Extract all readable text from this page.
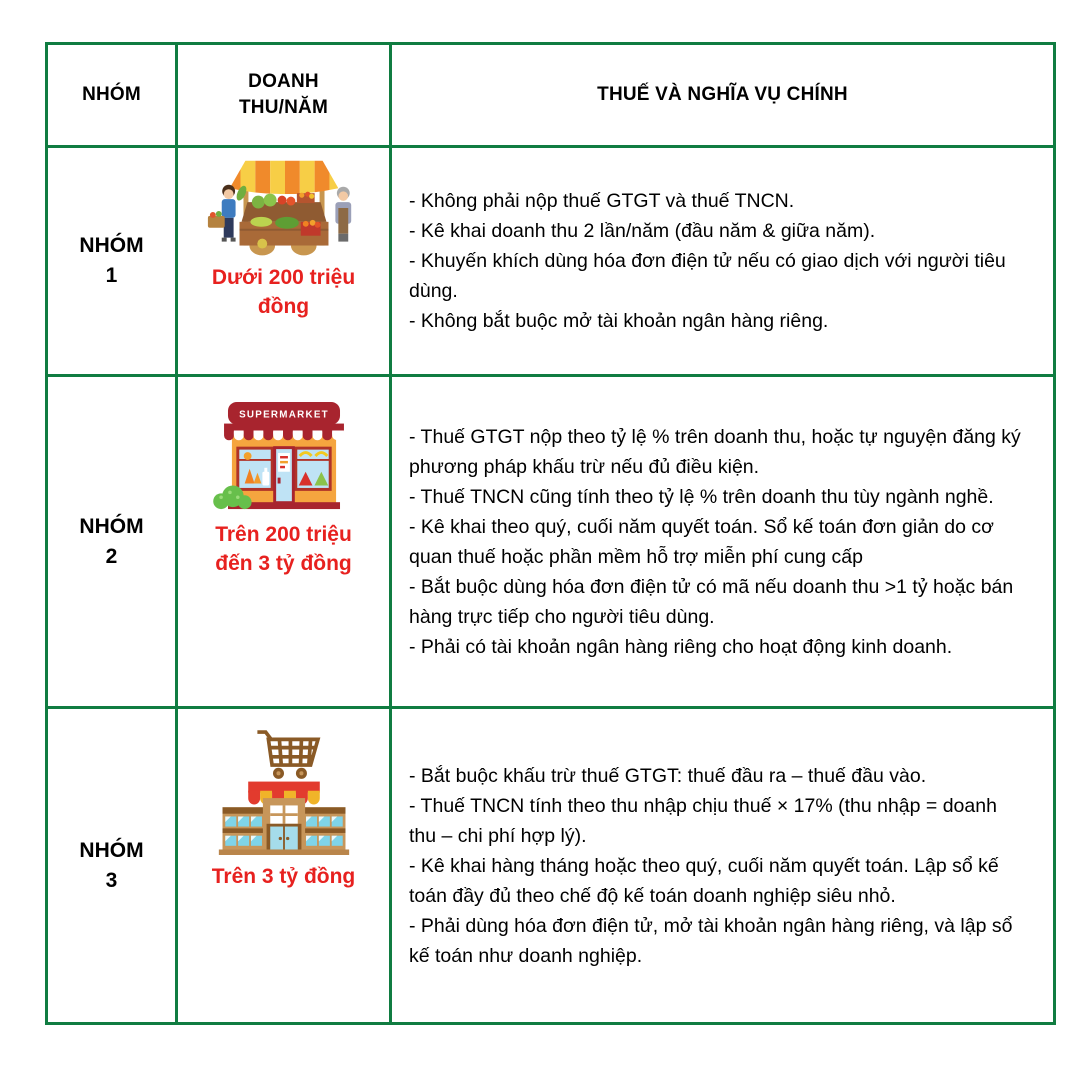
NHÓM
DOANH
THU/NĂM
THUẾ VÀ NGHĨA VỤ CHÍNH
NHÓM
1	Dưới 200 triệu
đồng
- Không phải nộp thuế GTGT và thuế TNCN.
- Kê khai doanh thu 2 lần/năm (đầu năm & giữa năm).
- Khuyến khích dùng hóa đơn điện tử nếu có giao dịch với người tiêu dùng.
- Không bắt buộc mở tài khoản ngân hàng riêng.
NHÓM
2
SUPERMARKET
Trên 200 triệu
đến 3 tỷ đồng
- Thuế GTGT nộp theo tỷ lệ % trên doanh thu, hoặc tự nguyện đăng ký phương pháp khấu trừ nếu đủ điều kiện.
- Thuế TNCN cũng tính theo tỷ lệ % trên doanh thu tùy ngành nghề.
- Kê khai theo quý, cuối năm quyết toán. Sổ kế toán đơn giản do cơ quan thuế hoặc phần mềm hỗ trợ miễn phí cung cấp
- Bắt buộc dùng hóa đơn điện tử có mã nếu doanh thu >1 tỷ hoặc bán hàng trực tiếp cho người tiêu dùng.
- Phải có tài khoản ngân hàng riêng cho hoạt động kinh doanh.
NHÓM
3	Trên 3 tỷ đồng
- Bắt buộc khấu trừ thuế GTGT: thuế đầu ra – thuế đầu vào.
- Thuế TNCN tính theo thu nhập chịu thuế × 17% (thu nhập = doanh thu – chi phí hợp lý).
- Kê khai hàng tháng hoặc theo quý, cuối năm quyết toán. Lập sổ kế toán đầy đủ theo chế độ kế toán doanh nghiệp siêu nhỏ.
- Phải dùng hóa đơn điện tử, mở tài khoản ngân hàng riêng, và lập sổ kế toán như doanh nghiệp.
